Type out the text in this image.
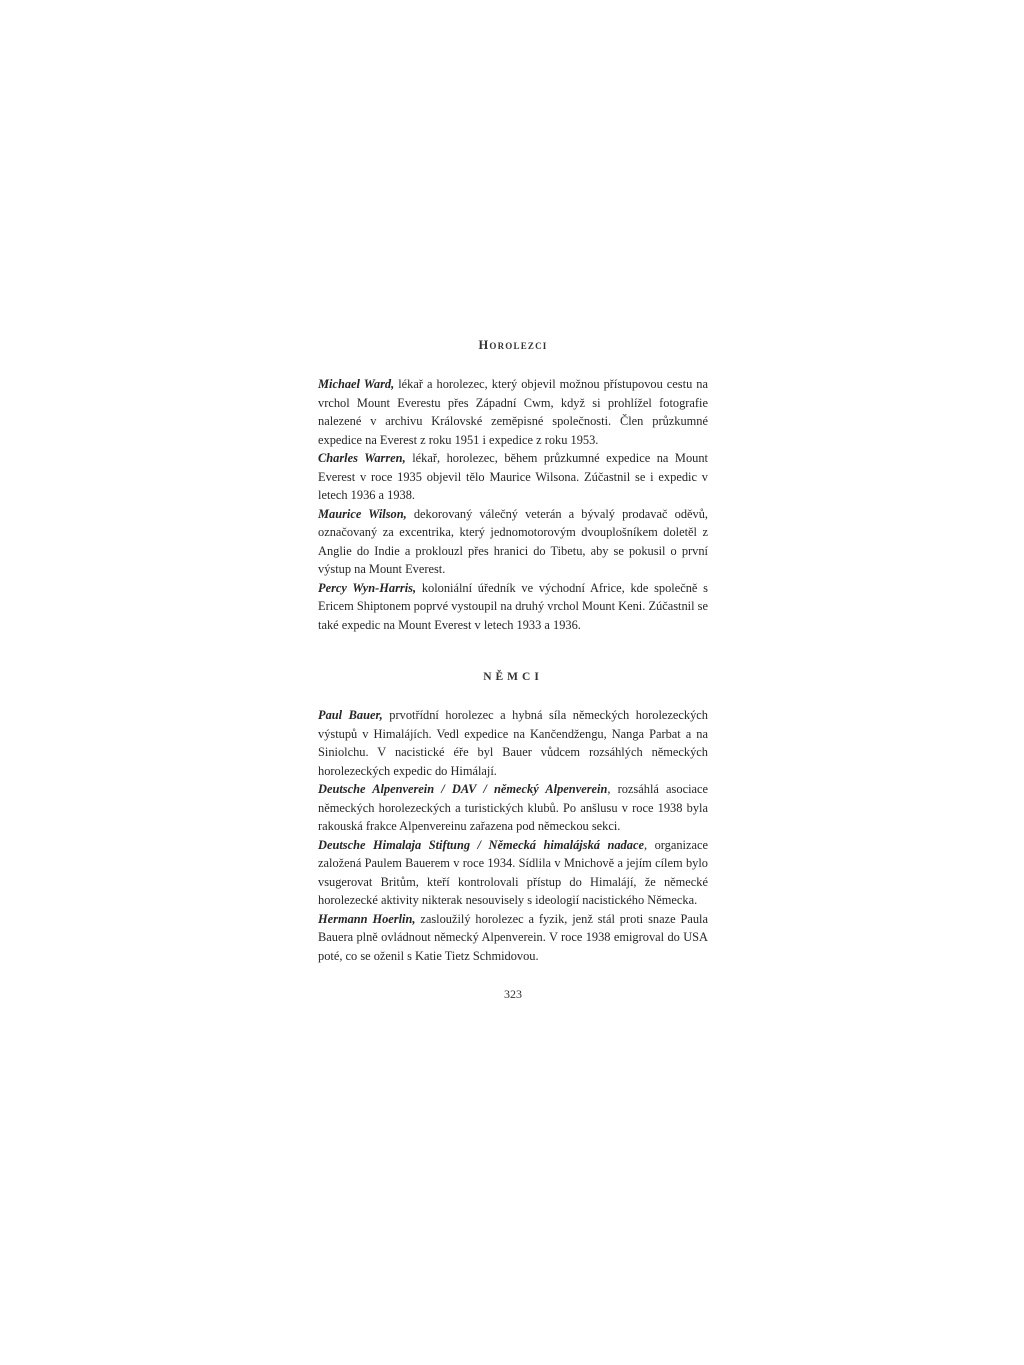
Horolezci

Michael Ward, lékař a horolezec, který objevil možnou přístupovou cestu na vrchol Mount Everestu přes Západní Cwm, když si prohlížel fotografie nalezené v archivu Královské zeměpisné společnosti. Člen průzkumné expedice na Everest z roku 1951 i expedice z roku 1953.

Charles Warren, lékař, horolezec, během průzkumné expedice na Mount Everest v roce 1935 objevil tělo Maurice Wilsona. Zúčastnil se i expedic v letech 1936 a 1938.

Maurice Wilson, dekorovaný válečný veterán a bývalý prodavač oděvů, označovaný za excentrika, který jednomotorovým dvouplošníkem doletěl z Anglie do Indie a proklouzl přes hranici do Tibetu, aby se pokusil o první výstup na Mount Everest.

Percy Wyn-Harris, koloniální úředník ve východní Africe, kde společně s Ericem Shiptonem poprvé vystoupil na druhý vrchol Mount Keni. Zúčastnil se také expedic na Mount Everest v letech 1933 a 1936.

NĚMCI

Paul Bauer, prvotřídní horolezec a hybná síla německých horolezeckých výstupů v Himalájích. Vedl expedice na Kančendžengu, Nanga Parbat a na Siniolchu. V nacistické éře byl Bauer vůdcem rozsáhlých německých horolezeckých expedic do Himálají.

Deutsche Alpenverein / DAV / německý Alpenverein, rozsáhlá asociace německých horolezeckých a turistických klubů. Po anšlusu v roce 1938 byla rakouská frakce Alpenvereinu zařazena pod německou sekci.

Deutsche Himalaja Stiftung / Německá himalájská nadace, organizace založená Paulem Bauerem v roce 1934. Sídlila v Mnichově a jejím cílem bylo vsugerovat Britům, kteří kontrolovali přístup do Himalájí, že německé horolezecké aktivity nikterak nesouvisely s ideologií nacistického Německa.

Hermann Hoerlin, zasloužilý horolezec a fyzik, jenž stál proti snaze Paula Bauera plně ovládnout německý Alpenverein. V roce 1938 emigroval do USA poté, co se oženil s Katie Tietz Schmidovou.

323
